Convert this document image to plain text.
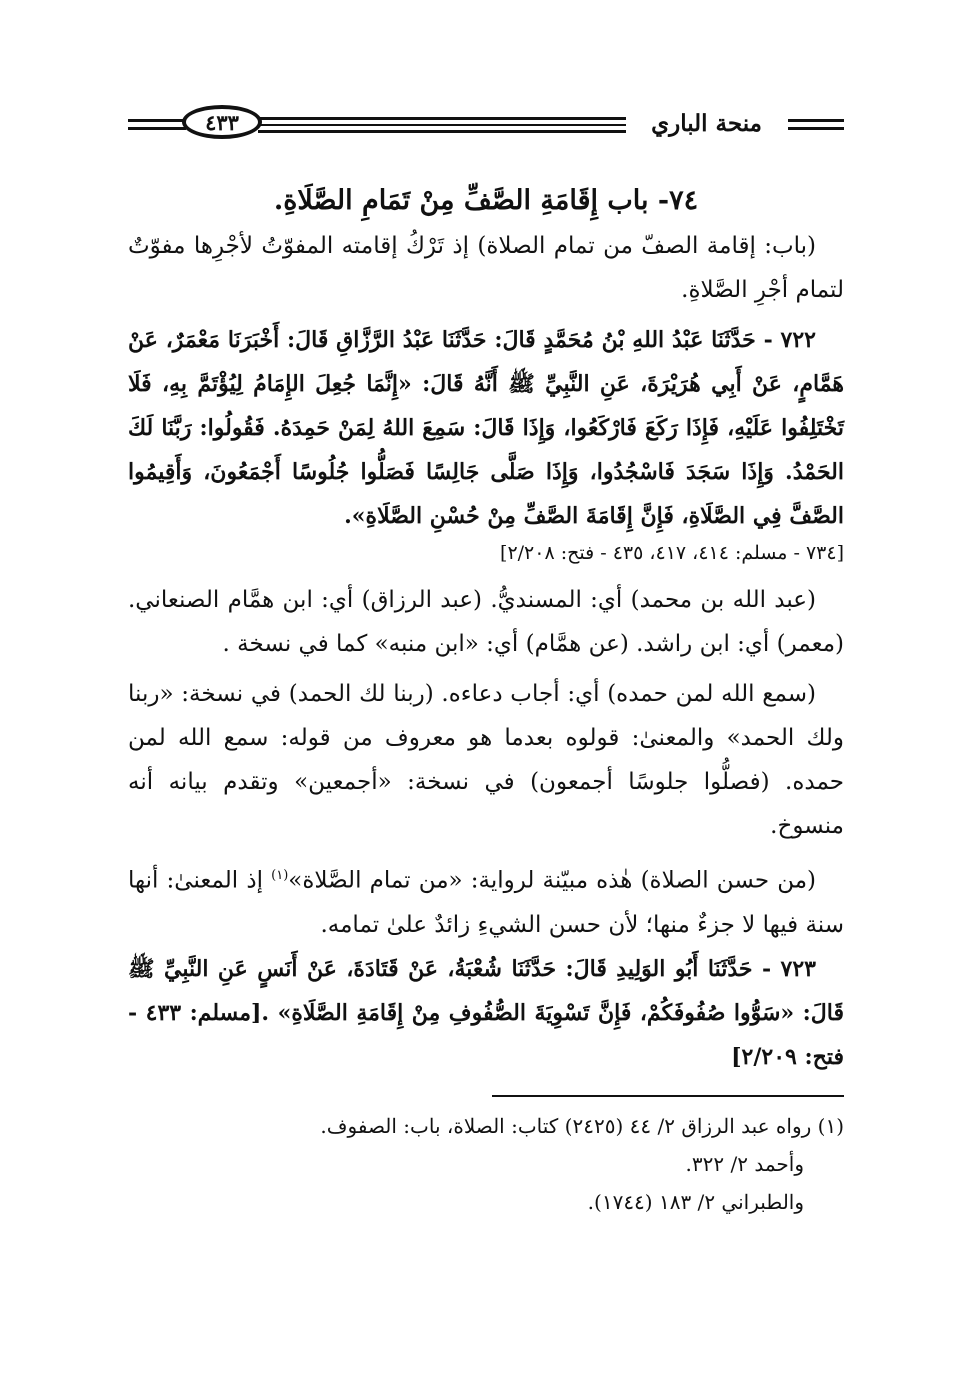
منحة الباري
٤٣٣
٧٤- باب إِقَامَةِ الصَّفِّ مِنْ تَمَامِ الصَّلَاةِ.

(باب: إقامة الصفّ من تمام الصلاة) إذ تَرْكُ إقامته المفوّتُ لأجْرِها مفوّتٌ لتمام أجْرِ الصَّلاةِ.

٧٢٢ - حَدَّثَنَا عَبْدُ اللهِ بْنُ مُحَمَّدٍ قَالَ: حَدَّثَنَا عَبْدُ الرَّزَّاقِ قَالَ: أَخْبَرَنَا مَعْمَرٌ، عَنْ هَمَّامٍ، عَنْ أَبِي هُرَيْرَةَ، عَنِ النَّبِيِّ ﷺ أَنَّهُ قَالَ: «إِنَّمَا جُعِلَ الإِمَامُ لِيُؤْتَمَّ بِهِ، فَلَا تَخْتَلِفُوا عَلَيْهِ، فَإِذَا رَكَعَ فَارْكَعُوا، وَإِذَا قَالَ: سَمِعَ اللهُ لِمَنْ حَمِدَهُ. فَقُولُوا: رَبَّنَا لَكَ الحَمْدُ. وَإِذَا سَجَدَ فَاسْجُدُوا، وَإِذَا صَلَّى جَالِسًا فَصَلُّوا جُلُوسًا أَجْمَعُونَ، وَأَقِيمُوا الصَّفَّ فِي الصَّلَاةِ، فَإِنَّ إِقَامَةَ الصَّفِّ مِنْ حُسْنِ الصَّلَاةِ».

[٧٣٤ - مسلم: ٤١٤، ٤١٧، ٤٣٥ - فتح: ٢/٢٠٨]

(عبد الله بن محمد) أي: المسنديُّ. (عبد الرزاق) أي: ابن همَّام الصنعاني. (معمر) أي: ابن راشد. (عن همَّام) أي: «ابن منبه» كما في نسخة .

(سمع الله لمن حمده) أي: أجاب دعاءه. (ربنا لك الحمد) في نسخة: «ربنا ولك الحمد» والمعنىٰ: قولوه بعدما هو معروف من قوله: سمع الله لمن حمده. (فصلُّوا جلوسًا أجمعون) في نسخة: «أجمعين» وتقدم بيانه أنه منسوخ.

(من حسن الصلاة) هٰذه مبيّنة لرواية: «من تمام الصَّلاة»$^{(١)}$ إذ المعنىٰ: أنها سنة فيها لا جزءٌ منها؛ لأن حسن الشيءِ زائدٌ علىٰ تمامه.

٧٢٣ - حَدَّثَنَا أَبُو الوَلِيدِ قَالَ: حَدَّثَنَا شُعْبَةُ، عَنْ قَتَادَةَ، عَنْ أَنَسٍ عَنِ النَّبِيِّ ﷺ قَالَ: «سَوُّوا صُفُوفَكُمْ، فَإِنَّ تَسْوِيَةَ الصُّفُوفِ مِنْ إِقَامَةِ الصَّلَاةِ» .[مسلم: ٤٣٣ - فتح: ٢/٢٠٩]

(١) رواه عبد الرزاق ٢/ ٤٤ (٢٤٢٥) كتاب: الصلاة، باب: الصفوف.

وأحمد ٢/ ٣٢٢.

والطبراني ٢/ ١٨٣ (١٧٤٤).
